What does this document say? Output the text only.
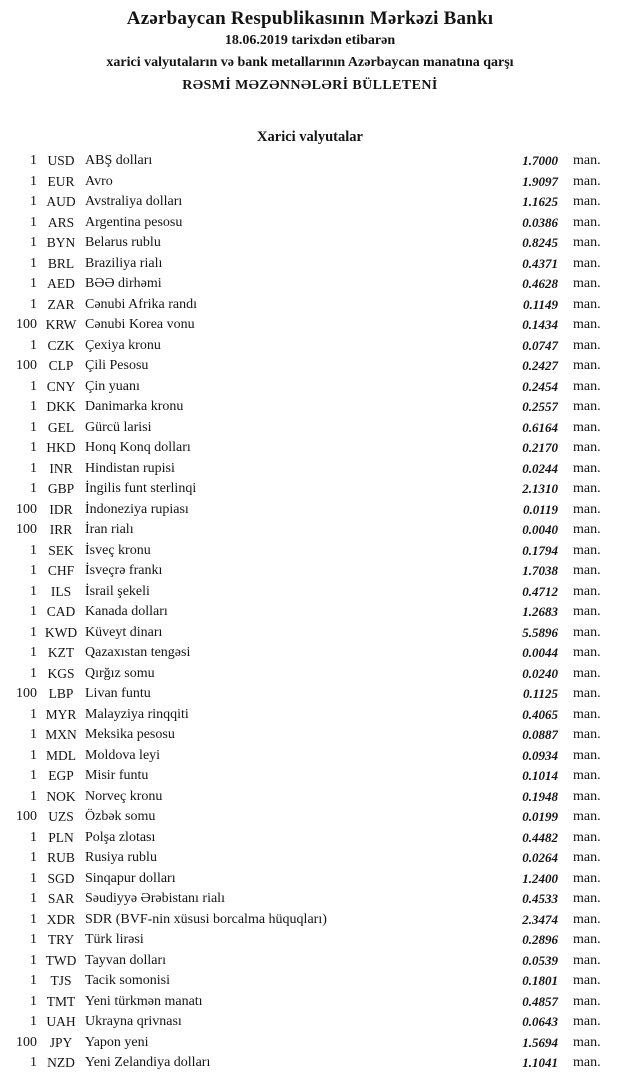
Azərbaycan Respublikasının Mərkəzi Bankı
18.06.2019 tarixdən etibarən
xarici valyutaların və bank metallarının Azərbaycan manatına qarşı
RƏSMİ MƏZƏNNƏLƏRİ BÜLLETENİ
Xarici valyutalar
1 USD ABŞ dolları	1.7000	man.
1 EUR Avro	1.9097	man.
1 AUD Avstraliya dolları	1.1625	man.
1 ARS Argentina pesosu	0.0386	man.
1 BYN Belarus rublu	0.8245	man.
1 BRL Braziliya rialı	0.4371	man.
1 AED BƏƏ dirhəmi	0.4628	man.
1 ZAR Cənubi Afrika randı	0.1149	man.
100 KRW Cənubi Korea vonu	0.1434	man.
1 CZK Çexiya kronu	0.0747	man.
100 CLP Çili Pesosu	0.2427	man.
1 CNY Çin yuanı	0.2454	man.
1 DKK Danimarka kronu	0.2557	man.
1 GEL Gürcü larisi	0.6164	man.
1 HKD Honq Konq dolları	0.2170	man.
1 INR Hindistan rupisi	0.0244	man.
1 GBP İngilis funt sterlinqi	2.1310	man.
100 IDR İndoneziya rupiası	0.0119	man.
100 IRR İran rialı	0.0040	man.
1 SEK İsveç kronu	0.1794	man.
1 CHF İsveçrə frankı	1.7038	man.
1	ILS İsrail şekeli	0.4712	man.
1 CAD Kanada dolları	1.2683	man.
1 KWD Küveyt dinarı	5.5896	man.
1 KZT Qazaxıstan tengəsi	0.0044	man.
1 KGS Qırğız somu	0.0240	man.
100 LBP Livan funtu	0.1125	man.
1 MYR Malayziya rinqqiti	0.4065	man.
1 MXN Meksika pesosu	0.0887	man.
1 MDL Moldova leyi	0.0934	man.
1 EGP Misir funtu	0.1014	man.
1 NOK Norveç kronu	0.1948	man.
100 UZS Özbək somu	0.0199	man.
1 PLN Polşa zlotası	0.4482	man.
1 RUB Rusiya rublu	0.0264	man.
1 SGD Sinqapur dolları	1.2400	man.
1 SAR Səudiyyə Ərəbistanı rialı	0.4533	man.
1 XDR SDR (BVF-nin xüsusi borcalma hüquqları)	2.3474	man.
1 TRY Türk lirəsi	0.2896	man.
1 TWD Tayvan dolları	0.0539	man.
1 TJS Tacik somonisi	0.1801	man.
1 TMT Yeni türkmən manatı	0.4857	man.
1 UAH Ukrayna qrivnası	0.0643	man.
100 JPY Yapon yeni	1.5694	man.
1 NZD Yeni Zelandiya dolları	1.1041	man.
